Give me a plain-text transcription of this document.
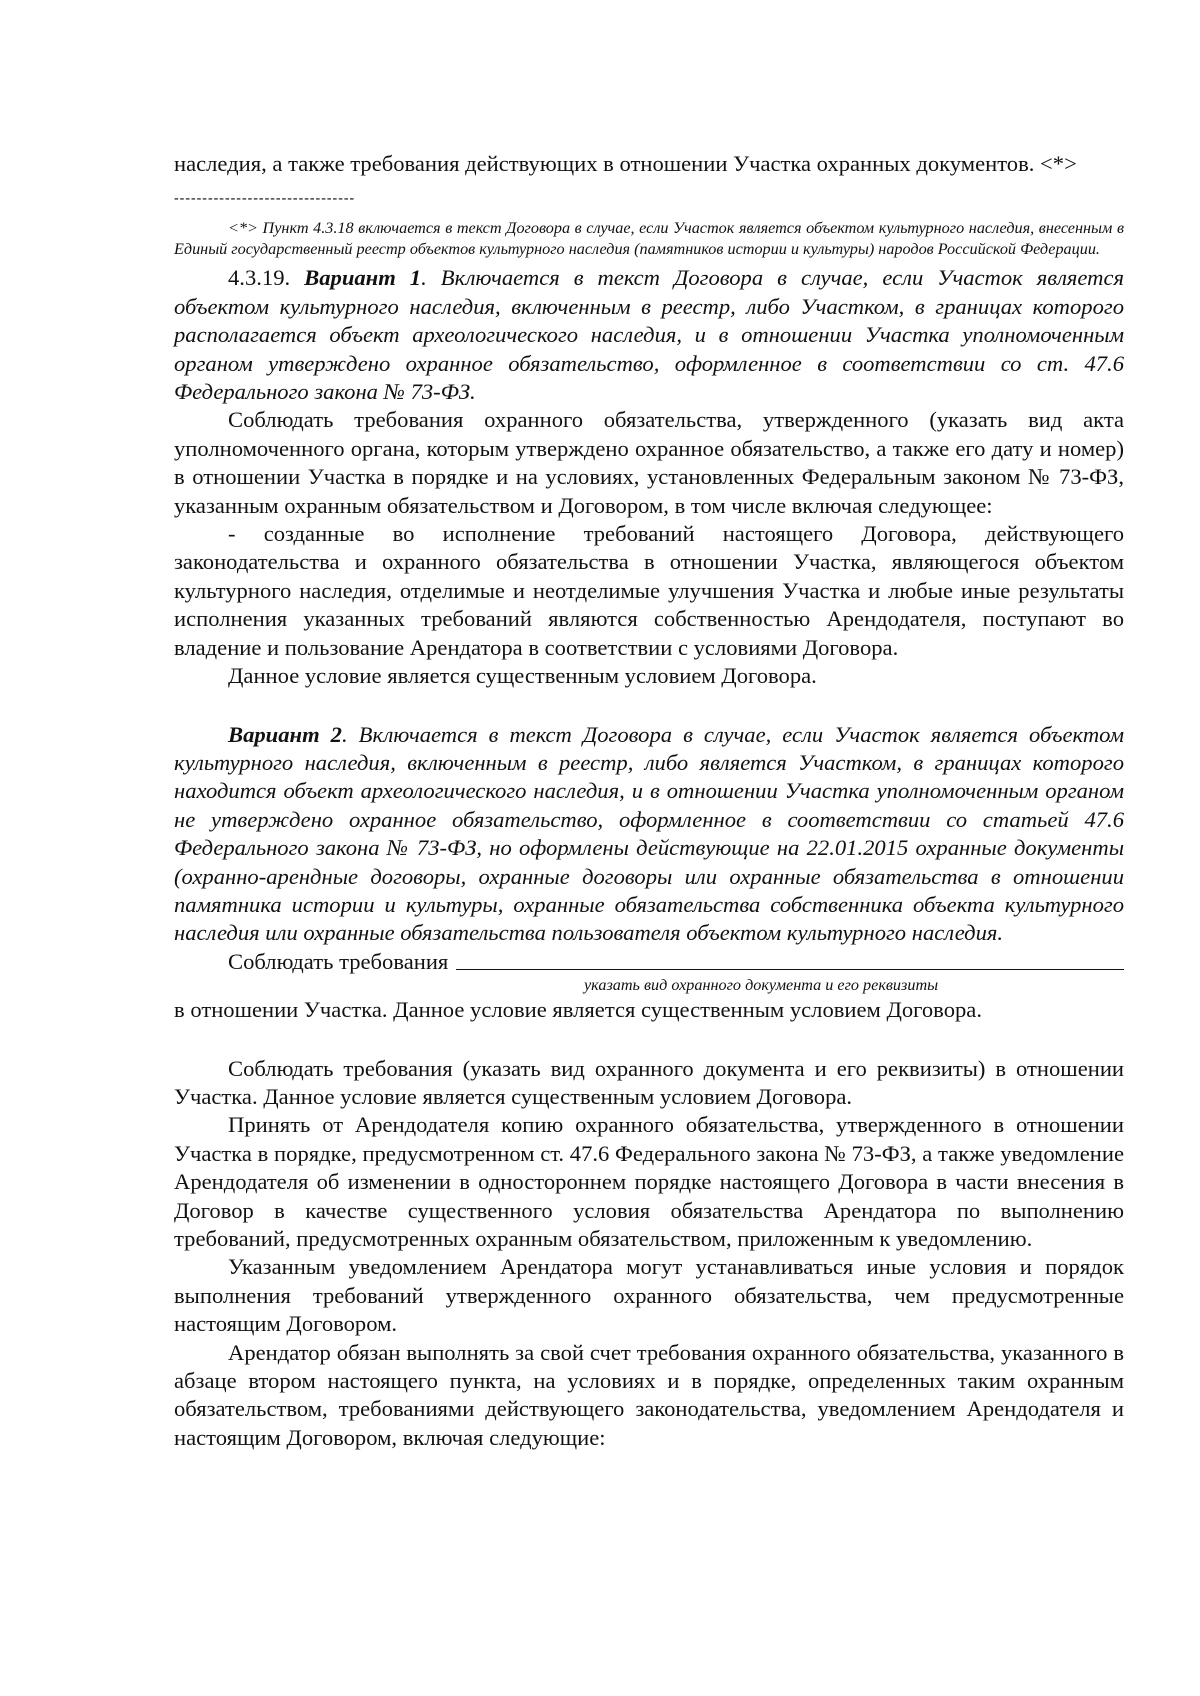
наследия, а также требования действующих в отношении Участка охранных документов. <*>

--------------------------------

<*> Пункт 4.3.18 включается в текст Договора в случае, если Участок является объектом культурного наследия, внесенным в Единый государственный реестр объектов культурного наследия (памятников истории и культуры) народов Российской Федерации.

4.3.19. Вариант 1. Включается в текст Договора в случае, если Участок является объектом культурного наследия, включенным в реестр, либо Участком, в границах которого располагается объект археологического наследия, и в отношении Участка уполномоченным органом утверждено охранное обязательство, оформленное в соответствии со ст. 47.6 Федерального закона № 73-ФЗ.

Соблюдать требования охранного обязательства, утвержденного (указать вид акта уполномоченного органа, которым утверждено охранное обязательство, а также его дату и номер) в отношении Участка в порядке и на условиях, установленных Федеральным законом № 73-ФЗ, указанным охранным обязательством и Договором, в том числе включая следующее:

- созданные во исполнение требований настоящего Договора, действующего законодательства и охранного обязательства в отношении Участка, являющегося объектом культурного наследия, отделимые и неотделимые улучшения Участка и любые иные результаты исполнения указанных требований являются собственностью Арендодателя, поступают во владение и пользование Арендатора в соответствии с условиями Договора.

Данное условие является существенным условием Договора.

Вариант 2. Включается в текст Договора в случае, если Участок является объектом культурного наследия, включенным в реестр, либо является Участком, в границах которого находится объект археологического наследия, и в отношении Участка уполномоченным органом не утверждено охранное обязательство, оформленное в соответствии со статьей 47.6 Федерального закона № 73-ФЗ, но оформлены действующие на 22.01.2015 охранные документы (охранно-арендные договоры, охранные договоры или охранные обязательства в отношении памятника истории и культуры, охранные обязательства собственника объекта культурного наследия или охранные обязательства пользователя объектом культурного наследия.

Соблюдать требования
указать вид охранного документа и его реквизиты

в отношении Участка. Данное условие является существенным условием Договора.

Соблюдать требования (указать вид охранного документа и его реквизиты) в отношении Участка. Данное условие является существенным условием Договора.

Принять от Арендодателя копию охранного обязательства, утвержденного в отношении Участка в порядке, предусмотренном ст. 47.6 Федерального закона № 73-ФЗ, а также уведомление Арендодателя об изменении в одностороннем порядке настоящего Договора в части внесения в Договор в качестве существенного условия обязательства Арендатора по выполнению требований, предусмотренных охранным обязательством, приложенным к уведомлению.

Указанным уведомлением Арендатора могут устанавливаться иные условия и порядок выполнения требований утвержденного охранного обязательства, чем предусмотренные настоящим Договором.

Арендатор обязан выполнять за свой счет требования охранного обязательства, указанного в абзаце втором настоящего пункта, на условиях и в порядке, определенных таким охранным обязательством, требованиями действующего законодательства, уведомлением Арендодателя и настоящим Договором, включая следующие:
